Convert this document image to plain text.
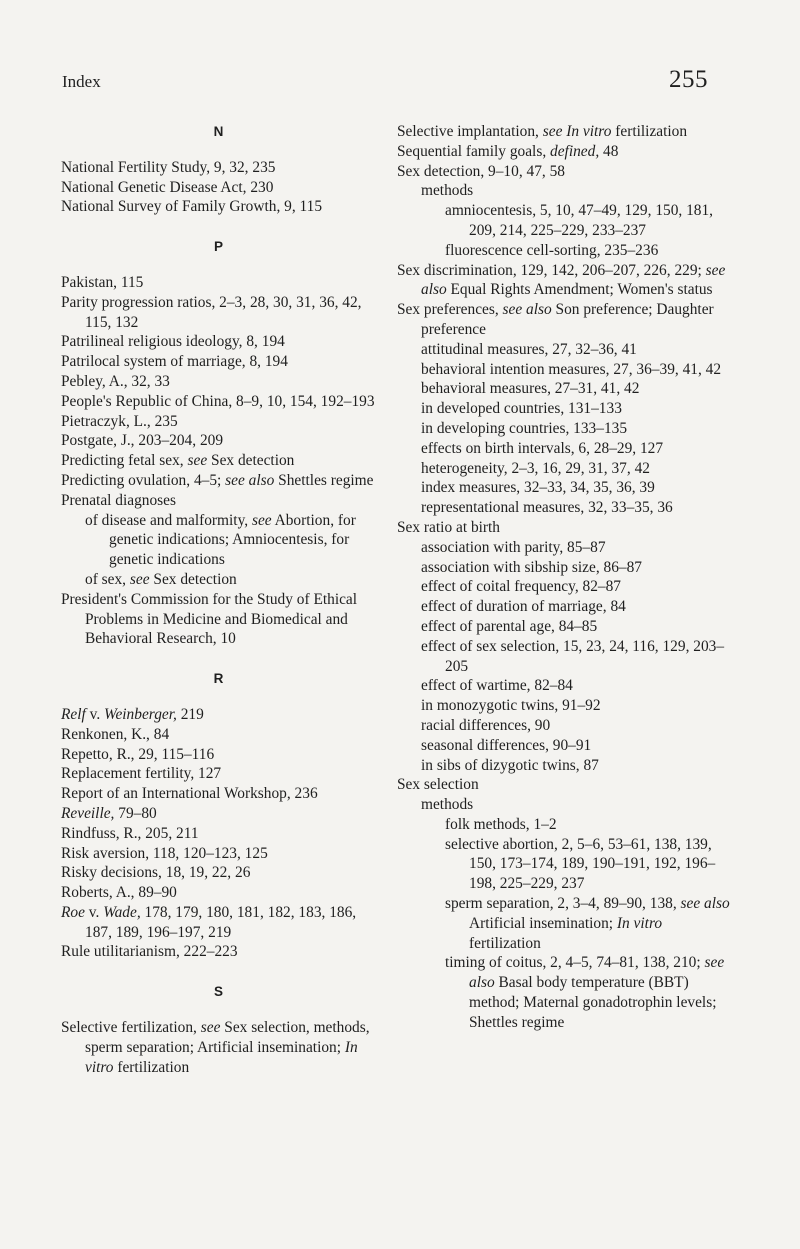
Index	255
N
National Fertility Study, 9, 32, 235
National Genetic Disease Act, 230
National Survey of Family Growth, 9, 115
P
Pakistan, 115
Parity progression ratios, 2–3, 28, 30, 31, 36, 42, 115, 132
Patrilineal religious ideology, 8, 194
Patrilocal system of marriage, 8, 194
Pebley, A., 32, 33
People's Republic of China, 8–9, 10, 154, 192–193
Pietraczyk, L., 235
Postgate, J., 203–204, 209
Predicting fetal sex, see Sex detection
Predicting ovulation, 4–5; see also Shettles regime
Prenatal diagnoses
of disease and malformity, see Abortion, for genetic indications; Amniocentesis, for genetic indications
of sex, see Sex detection
President's Commission for the Study of Ethical Problems in Medicine and Biomedical and Behavioral Research, 10
R
Relf v. Weinberger, 219
Renkonen, K., 84
Repetto, R., 29, 115–116
Replacement fertility, 127
Report of an International Workshop, 236
Reveille, 79–80
Rindfuss, R., 205, 211
Risk aversion, 118, 120–123, 125
Risky decisions, 18, 19, 22, 26
Roberts, A., 89–90
Roe v. Wade, 178, 179, 180, 181, 182, 183, 186, 187, 189, 196–197, 219
Rule utilitarianism, 222–223
S
Selective fertilization, see Sex selection, methods, sperm separation; Artificial insemination; In vitro fertilization
Selective implantation, see In vitro fertilization
Sequential family goals, defined, 48
Sex detection, 9–10, 47, 58
methods
amniocentesis, 5, 10, 47–49, 129, 150, 181, 209, 214, 225–229, 233–237
fluorescence cell-sorting, 235–236
Sex discrimination, 129, 142, 206–207, 226, 229; see also Equal Rights Amendment; Women's status
Sex preferences, see also Son preference; Daughter preference
attitudinal measures, 27, 32–36, 41
behavioral intention measures, 27, 36–39, 41, 42
behavioral measures, 27–31, 41, 42
in developed countries, 131–133
in developing countries, 133–135
effects on birth intervals, 6, 28–29, 127
heterogeneity, 2–3, 16, 29, 31, 37, 42
index measures, 32–33, 34, 35, 36, 39
representational measures, 32, 33–35, 36
Sex ratio at birth
association with parity, 85–87
association with sibship size, 86–87
effect of coital frequency, 82–87
effect of duration of marriage, 84
effect of parental age, 84–85
effect of sex selection, 15, 23, 24, 116, 129, 203–205
effect of wartime, 82–84
in monozygotic twins, 91–92
racial differences, 90
seasonal differences, 90–91
in sibs of dizygotic twins, 87
Sex selection
methods
folk methods, 1–2
selective abortion, 2, 5–6, 53–61, 138, 139, 150, 173–174, 189, 190–191, 192, 196–198, 225–229, 237
sperm separation, 2, 3–4, 89–90, 138, see also Artificial insemination; In vitro fertilization
timing of coitus, 2, 4–5, 74–81, 138, 210; see also Basal body temperature (BBT) method; Maternal gonadotrophin levels; Shettles regime
